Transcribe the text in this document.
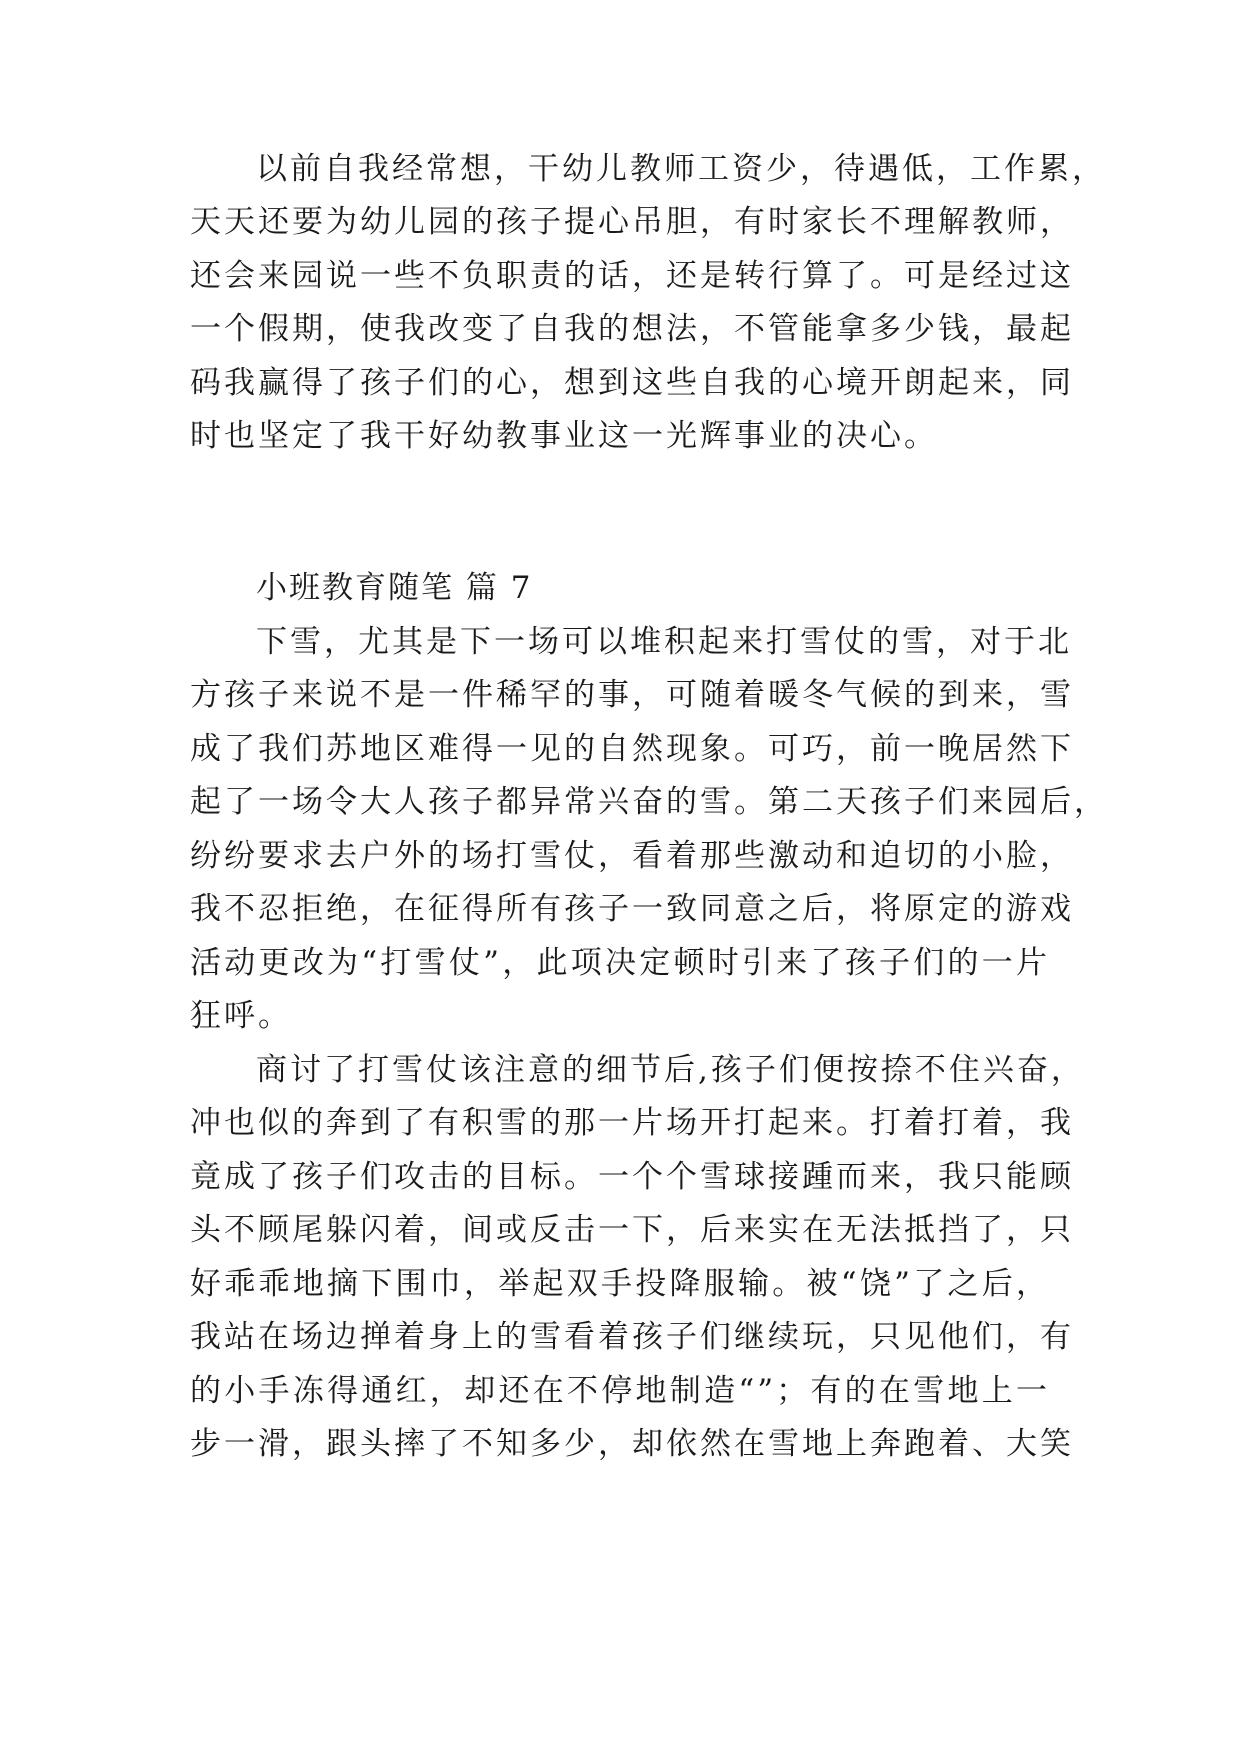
以前自我经常想，干幼儿教师工资少，待遇低，工作累，
天天还要为幼儿园的孩子提心吊胆，有时家长不理解教师，
还会来园说一些不负职责的话，还是转行算了。可是经过这
一个假期，使我改变了自我的想法，不管能拿多少钱，最起
码我赢得了孩子们的心，想到这些自我的心境开朗起来，同
时也坚定了我干好幼教事业这一光辉事业的决心。
小班教育随笔 篇 7
下雪，尤其是下一场可以堆积起来打雪仗的雪，对于北
方孩子来说不是一件稀罕的事，可随着暖冬气候的到来，雪
成了我们苏地区难得一见的自然现象。可巧，前一晚居然下
起了一场令大人孩子都异常兴奋的雪。第二天孩子们来园后，
纷纷要求去户外的场打雪仗，看着那些激动和迫切的小脸，
我不忍拒绝，在征得所有孩子一致同意之后，将原定的游戏
活动更改为“打雪仗”，此项决定顿时引来了孩子们的一片
狂呼。
商讨了打雪仗该注意的细节后,孩子们便按捺不住兴奋，
冲也似的奔到了有积雪的那一片场开打起来。打着打着，我
竟成了孩子们攻击的目标。一个个雪球接踵而来，我只能顾
头不顾尾躲闪着，间或反击一下，后来实在无法抵挡了，只
好乖乖地摘下围巾，举起双手投降服输。被“饶”了之后，
我站在场边掸着身上的雪看着孩子们继续玩，只见他们，有
的小手冻得通红，却还在不停地制造“”；有的在雪地上一
步一滑，跟头摔了不知多少，却依然在雪地上奔跑着、大笑
